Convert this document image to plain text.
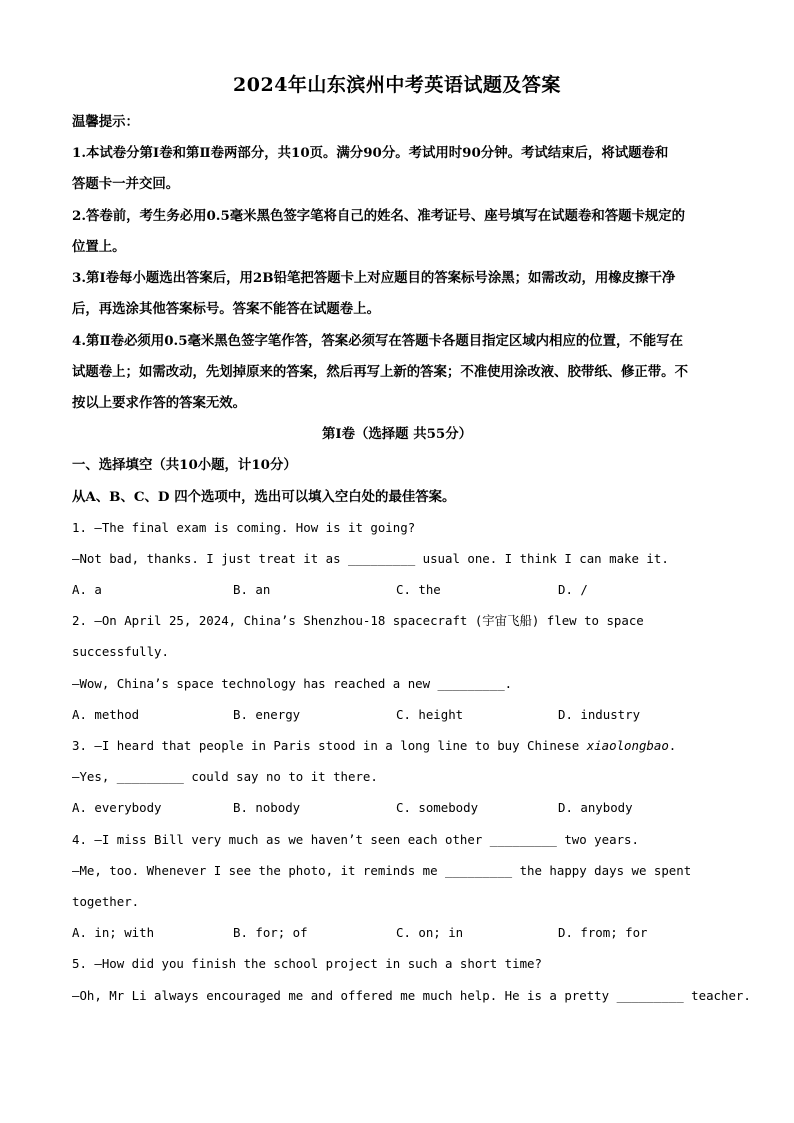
2024年山东滨州中考英语试题及答案
温馨提示：
1.本试卷分第Ⅰ卷和第Ⅱ卷两部分，共10页。满分90分。考试用时90分钟。考试结束后，将试题卷和
答题卡一并交回。
2.答卷前，考生务必用0.5毫米黑色签字笔将自己的姓名、准考证号、座号填写在试题卷和答题卡规定的
位置上。
3.第Ⅰ卷每小题选出答案后，用2B铅笔把答题卡上对应题目的答案标号涂黑；如需改动，用橡皮擦干净
后，再选涂其他答案标号。答案不能答在试题卷上。
4.第Ⅱ卷必须用0.5毫米黑色签字笔作答，答案必须写在答题卡各题目指定区域内相应的位置，不能写在
试题卷上；如需改动，先划掉原来的答案，然后再写上新的答案；不准使用涂改液、胶带纸、修正带。不
按以上要求作答的答案无效。
第Ⅰ卷（选择题 共55分）
一、选择填空（共10小题，计10分）
从A、B、C、D 四个选项中，选出可以填入空白处的最佳答案。
1. —The final exam is coming. How is it going?
—Not bad, thanks. I just treat it as _________ usual one. I think I can make it.
A. a	B. an	C. the	D. /
2. —On April 25, 2024, China’s Shenzhou-18 spacecraft (宇宙飞船) flew to space
successfully.
—Wow, China’s space technology has reached a new _________.
A. method	B. energy	C. height	D. industry
3. —I heard that people in Paris stood in a long line to buy Chinese xiaolongbao.
—Yes, _________ could say no to it there.
A. everybody	B. nobody	C. somebody	D. anybody
4. —I miss Bill very much as we haven’t seen each other _________ two years.
—Me, too. Whenever I see the photo, it reminds me _________ the happy days we spent
together.
A. in; with	B. for; of	C. on; in	D. from; for
5. —How did you finish the school project in such a short time?
—Oh, Mr Li always encouraged me and offered me much help. He is a pretty _________ teacher.
